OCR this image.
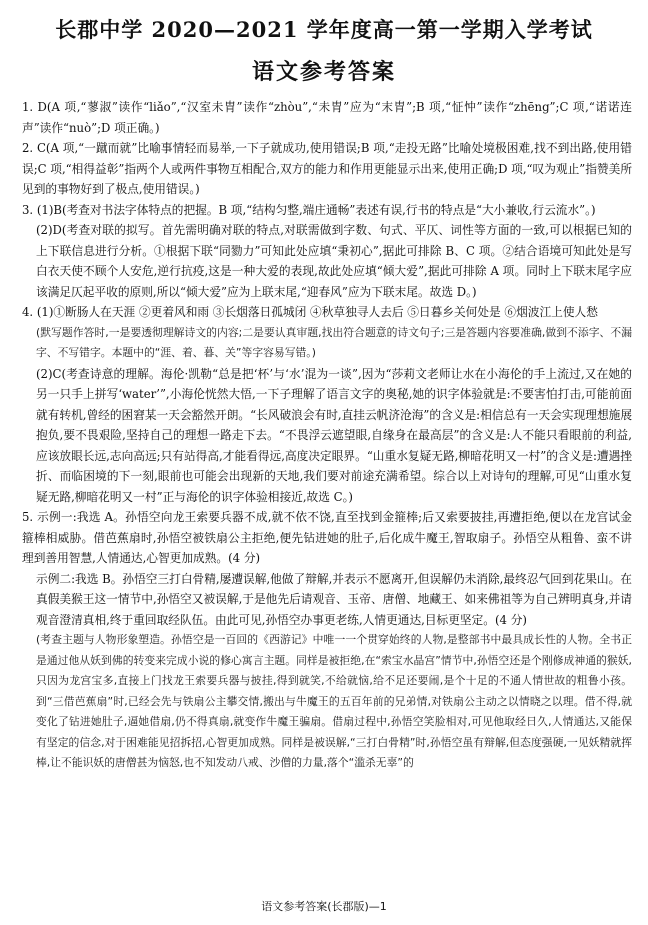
长郡中学 2020—2021 学年度高一第一学期入学考试
语文参考答案

1. D(A 项,“蓼淑”读作“liǎo”,“汉室未胄”读作“zhòu”,“未胄”应为“末胄”;B 项,“怔忡”读作“zhēng”;C 项,“诺诺连声”读作“nuò”;D 项正确。)

2. C(A 项,“一蹴而就”比喻事情轻而易举,一下子就成功,使用错误;B 项,“走投无路”比喻处境极困难,找不到出路,使用错误;C 项,“相得益彰”指两个人或两件事物互相配合,双方的能力和作用更能显示出来,使用正确;D 项,“叹为观止”指赞美所见到的事物好到了极点,使用错误。)

3. (1)B(考查对书法字体特点的把握。B 项,“结构匀整,端庄通畅”表述有误,行书的特点是“大小兼收,行云流水”。)

(2)D(考查对联的拟写。首先需明确对联的特点,对联需做到字数、句式、平仄、词性等方面的一致,可以根据已知的上下联信息进行分析。①根据下联“同勠力”可知此处应填“秉初心”,据此可排除 B、C 项。②结合语境可知此处是写白衣天使不顾个人安危,逆行抗疫,这是一种大爱的表现,故此处应填“倾大爱”,据此可排除 A 项。同时上下联末尾字应该满足仄起平收的原则,所以“倾大爱”应为上联末尾,“迎春风”应为下联末尾。故选 D。)

4. (1)①断肠人在天涯 ②更着风和雨 ③长烟落日孤城闭 ④秋草独寻人去后 ⑤日暮乡关何处是 ⑥烟波江上使人愁

(默写题作答时,一是要透彻理解诗文的内容;二是要认真审题,找出符合题意的诗文句子;三是答题内容要准确,做到不添字、不漏字、不写错字。本题中的“涯、着、暮、关”等字容易写错。)

(2)C(考查诗意的理解。海伦·凯勒“总是把‘杯’与‘水’混为一谈”,因为“莎莉文老师让水在小海伦的手上流过,又在她的另一只手上拼写‘water’”,小海伦恍然大悟,一下子理解了语言文字的奥秘,她的识字体验就是:不要害怕打击,可能前面就有转机,曾经的困窘某一天会豁然开朗。“长风破浪会有时,直挂云帆济沧海”的含义是:相信总有一天会实现理想施展抱负,要不畏艰险,坚持自己的理想一路走下去。“不畏浮云遮望眼,自缘身在最高层”的含义是:人不能只看眼前的利益,应该放眼长远,志向高远;只有站得高,才能看得远,高度决定眼界。“山重水复疑无路,柳暗花明又一村”的含义是:遭遇挫折、而临困境的下一刻,眼前也可能会出现新的天地,我们要对前途充满希望。综合以上对诗句的理解,可见“山重水复疑无路,柳暗花明又一村”正与海伦的识字体验相接近,故选 C。)

5. 示例一:我选 A。孙悟空向龙王索要兵器不成,就不依不饶,直至找到金箍棒;后又索要披挂,再遭拒绝,便以在龙宫试金箍棒相威胁。借芭蕉扇时,孙悟空被铁扇公主拒绝,便先钻进她的肚子,后化成牛魔王,智取扇子。孙悟空从粗鲁、蛮不讲理到善用智慧,人情通达,心智更加成熟。(4 分)

示例二:我选 B。孙悟空三打白骨精,屡遭误解,他做了辩解,并表示不愿离开,但误解仍未消除,最终忍气回到花果山。在真假美猴王这一情节中,孙悟空又被误解,于是他先后请观音、玉帝、唐僧、地藏王、如来佛祖等为自己辨明真身,并请观音澄清真相,终于重回取经队伍。由此可见,孙悟空办事更老练,人情更通达,目标更坚定。(4 分)

(考查主题与人物形象塑造。孙悟空是一百回的《西游记》中唯一一个贯穿始终的人物,是整部书中最具成长性的人物。全书正是通过他从妖到佛的转变来完成小说的修心寓言主题。同样是被拒绝,在“索宝水晶宫”情节中,孙悟空还是个刚修成神通的猴妖,只因为龙宫宝多,直接上门找龙王索要兵器与披挂,得到就笑,不给就恼,给不足还要闹,是个十足的不通人情世故的粗鲁小孩。到“三借芭蕉扇”时,已经会先与铁扇公主攀交情,搬出与牛魔王的五百年前的兄弟情,对铁扇公主动之以情晓之以理。借不得,就变化了钻进她肚子,逼她借扇,仍不得真扇,就变作牛魔王骗扇。借扇过程中,孙悟空笑脸相对,可见他取经日久,人情通达,又能保有坚定的信念,对于困难能见招拆招,心智更加成熟。同样是被误解,“三打白骨精”时,孙悟空虽有辩解,但态度强硬,一见妖精就挥棒,让不能识妖的唐僧甚为恼怒,也不知发动八戒、沙僧的力量,落个“滥杀无辜”的

语文参考答案(长郡版)—1
